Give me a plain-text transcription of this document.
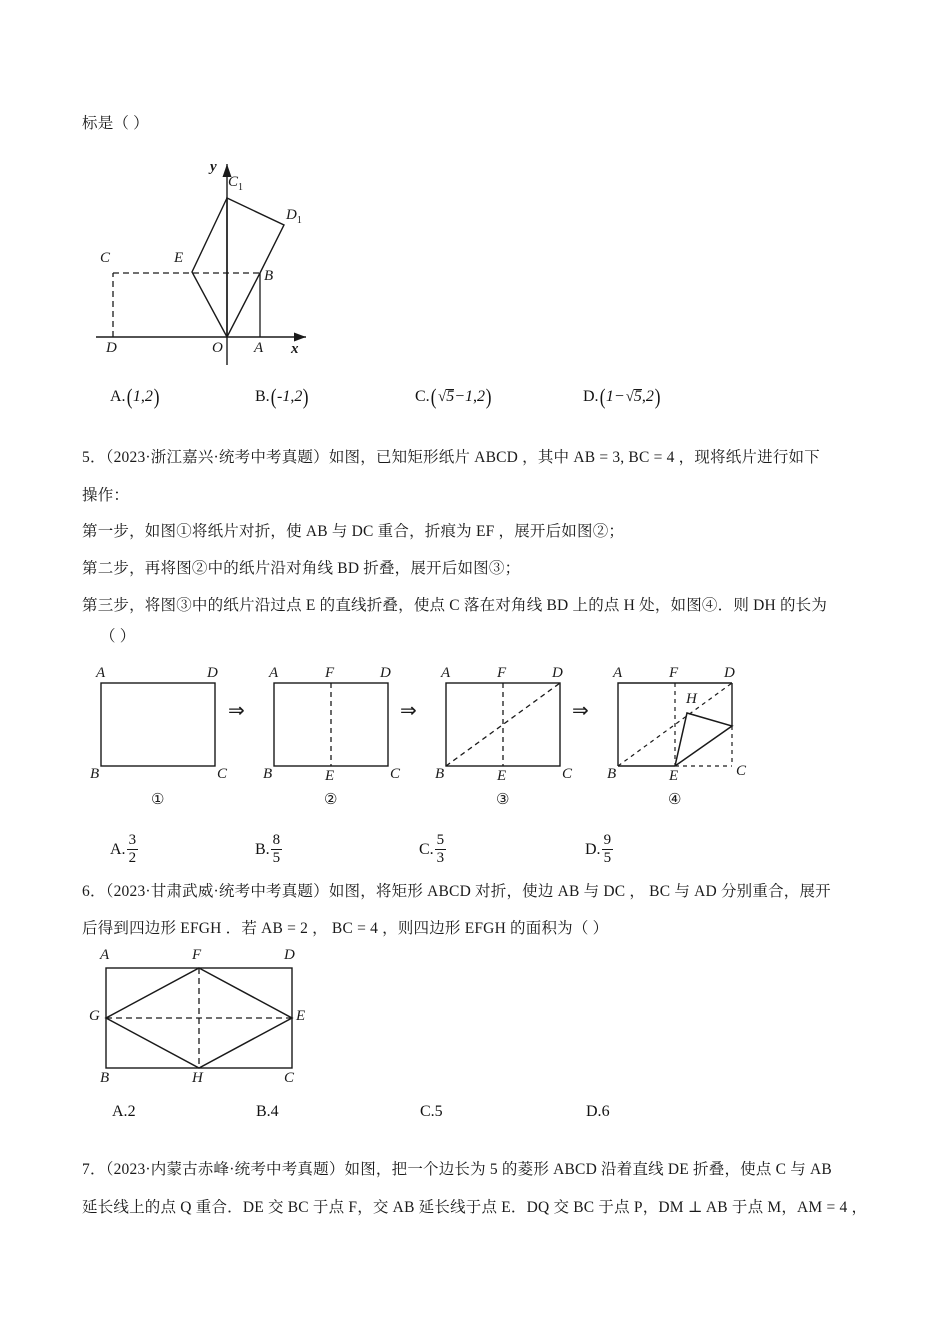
标是（ ）
$C_1$
$D_1$
C	E
B
D	O A x
y
A. ( 1 , 2 )	B. ( -1 , 2 )	C. ( √
5 −1 , 2 )	D. ( 1− √
5 , 2 )
5．（2023·浙江嘉兴·统考中考真题）如图，已知矩形纸片 ABCD ，其中 AB = 3, BC = 4 ，现将纸片进行如下
操作：
第一步，如图①将纸片对折，使 AB 与 DC 重合，折痕为 EF ，展开后如图②；
第二步，再将图②中的纸片沿对角线 BD 折叠，展开后如图③；
第三步，将图③中的纸片沿过点 E 的直线折叠，使点 C 落在对角线 BD 上的点 H 处，如图④．则 DH 的长为
（ ）
A	D
B	C
①
⇒
A	F	D
B	E	C
②
⇒
A	F	D
B	E	C
③
⇒
A	F	D
H
B	E	C
④
A. $\frac{3}{2}$	B. $\frac{8}{5}$	C. $\frac{5}{3}$	D. $\frac{9}{5}$
6．（2023·甘肃武威·统考中考真题）如图，将矩形 ABCD 对折，使边 AB 与 DC ， BC 与 AD 分别重合，展开
后得到四边形 EFGH ．若 AB = 2 ， BC = 4 ，则四边形 EFGH 的面积为（ ）
A	F	D
G	E
B	H	C
A. 2	B. 4	C. 5	D. 6
7．（2023·内蒙古赤峰·统考中考真题）如图，把一个边长为 5 的菱形 ABCD 沿着直线 DE 折叠，使点 C 与 AB
延长线上的点 Q 重合．DE 交 BC 于点 F，交 AB 延长线于点 E．DQ 交 BC 于点 P，DM ⊥ AB 于点 M，AM = 4 ，
